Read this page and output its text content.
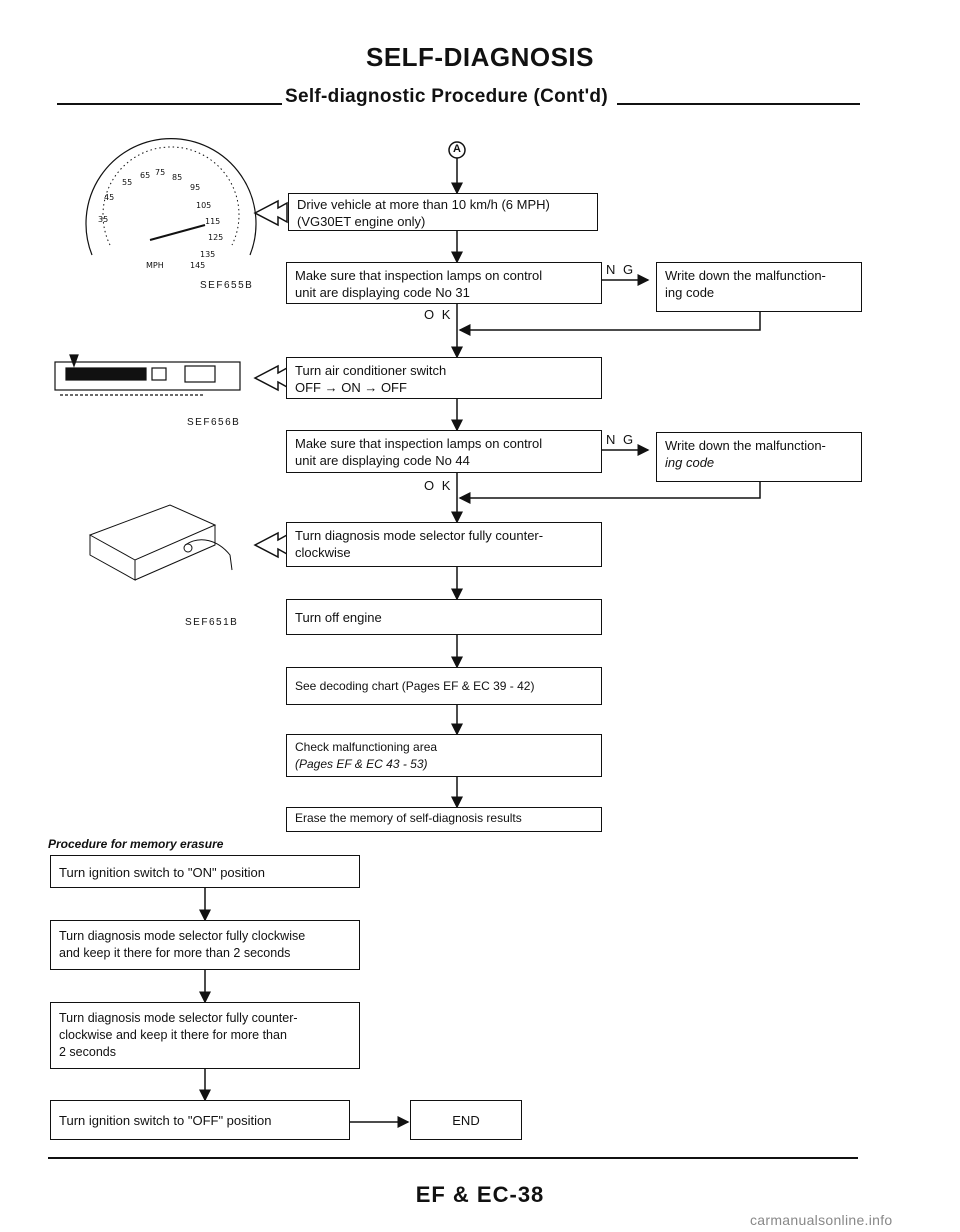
SELF-DIAGNOSIS
Self-diagnostic Procedure (Cont'd)
35
45
55
65 75
85
95
105
115
125
135
145
MPH
A
Drive vehicle at more than 10 km/h (6 MPH)
(VG30ET engine only)
Make sure that inspection lamps on control
unit are displaying code No 31
N G Write down the malfunction-
ing code
O K
Turn air conditioner switch
OFF → ON → OFF
Make sure that inspection lamps on control
unit are displaying code No 44
N G Write down the malfunction-
ing code
O K
Turn diagnosis mode selector fully counter-
clockwise
Turn off engine
See decoding chart (Pages EF & EC 39 - 42)
Check malfunctioning area
(Pages EF & EC 43 - 53)
Erase the memory of self-diagnosis results
SEF655B
SEF656B
SEF651B
Procedure for memory erasure
Turn ignition switch to "ON" position
Turn diagnosis mode selector fully clockwise
and keep it there for more than 2 seconds
Turn diagnosis mode selector fully counter-
clockwise and keep it there for more than
2 seconds
Turn ignition switch to "OFF" position	END
EF & EC-38
carmanualsonline.info
